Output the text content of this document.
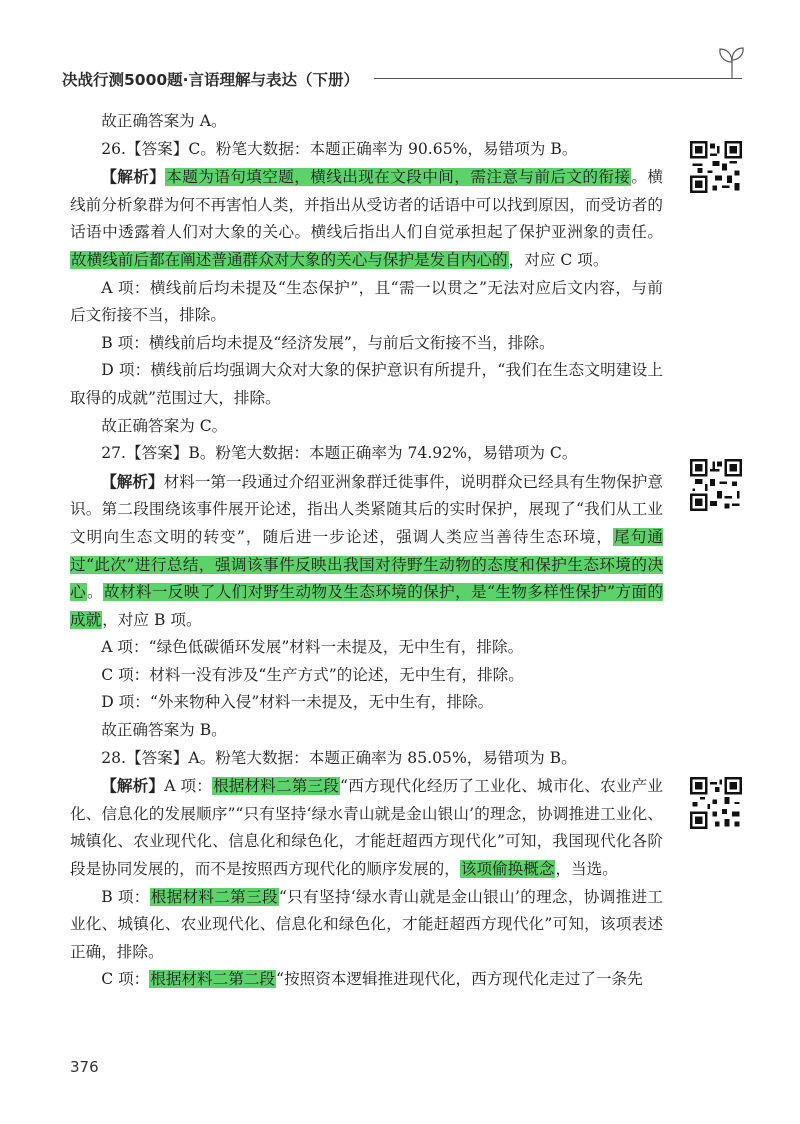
决战行测5000题·言语理解与表达（下册）

故正确答案为 A。

26.【答案】C。粉笔大数据：本题正确率为 90.65%，易错项为 B。

【解析】本题为语句填空题，横线出现在文段中间，需注意与前后文的衔接。横线前分析象群为何不再害怕人类，并指出从受访者的话语中可以找到原因，而受访者的话语中透露着人们对大象的关心。横线后指出人们自觉承担起了保护亚洲象的责任。故横线前后都在阐述普通群众对大象的关心与保护是发自内心的，对应 C 项。

A 项：横线前后均未提及“生态保护”，且“需一以贯之”无法对应后文内容，与前后文衔接不当，排除。

B 项：横线前后均未提及“经济发展”，与前后文衔接不当，排除。

D 项：横线前后均强调大众对大象的保护意识有所提升，“我们在生态文明建设上取得的成就”范围过大，排除。

故正确答案为 C。

27.【答案】B。粉笔大数据：本题正确率为 74.92%，易错项为 C。

【解析】材料一第一段通过介绍亚洲象群迁徙事件，说明群众已经具有生物保护意识。第二段围绕该事件展开论述，指出人类紧随其后的实时保护，展现了“我们从工业文明向生态文明的转变”，随后进一步论述，强调人类应当善待生态环境，尾句通过“此次”进行总结，强调该事件反映出我国对待野生动物的态度和保护生态环境的决心。故材料一反映了人们对野生动物及生态环境的保护，是“生物多样性保护”方面的成就，对应 B 项。

A 项：“绿色低碳循环发展”材料一未提及，无中生有，排除。

C 项：材料一没有涉及“生产方式”的论述，无中生有，排除。

D 项：“外来物种入侵”材料一未提及，无中生有，排除。

故正确答案为 B。

28.【答案】A。粉笔大数据：本题正确率为 85.05%，易错项为 B。

【解析】A 项：根据材料二第三段“西方现代化经历了工业化、城市化、农业产业化、信息化的发展顺序”“只有坚持‘绿水青山就是金山银山’的理念，协调推进工业化、城镇化、农业现代化、信息化和绿色化，才能赶超西方现代化”可知，我国现代化各阶段是协同发展的，而不是按照西方现代化的顺序发展的，该项偷换概念，当选。

B 项：根据材料二第三段“只有坚持‘绿水青山就是金山银山’的理念，协调推进工业化、城镇化、农业现代化、信息化和绿色化，才能赶超西方现代化”可知，该项表述正确，排除。

C 项：根据材料二第二段“按照资本逻辑推进现代化，西方现代化走过了一条先

376
